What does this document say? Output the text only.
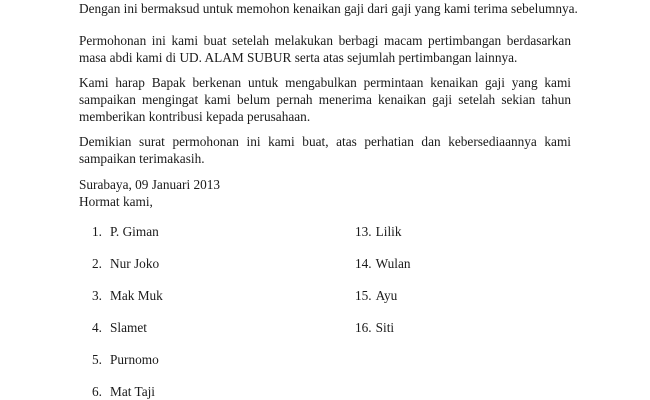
Dengan ini bermaksud untuk memohon kenaikan gaji dari gaji yang kami terima sebelumnya.

Permohonan ini kami buat setelah melakukan berbagi macam pertimbangan berdasarkan
masa abdi kami di UD. ALAM SUBUR serta atas sejumlah pertimbangan lainnya.

Kami harap Bapak berkenan untuk mengabulkan permintaan kenaikan gaji yang kami
sampaikan mengingat kami belum pernah menerima kenaikan gaji setelah sekian tahun
memberikan kontribusi kepada perusahaan.

Demikian surat permohonan ini kami buat, atas perhatian dan kebersediaannya kami
sampaikan terimakasih.

Surabaya, 09 Januari 2013
Hormat kami,

1. P. Giman
2. Nur Joko
3. Mak Muk
4. Slamet
5. Purnomo
6. Mat Taji
13. Lilik
14. Wulan
15. Ayu
16. Siti
